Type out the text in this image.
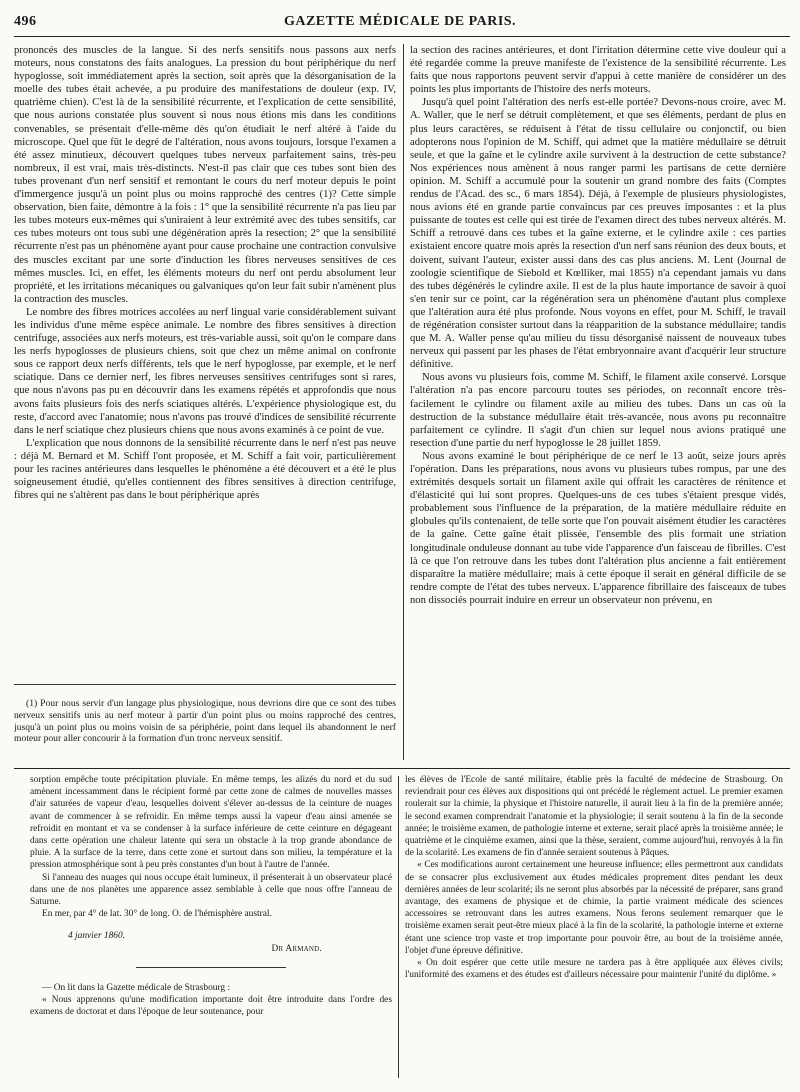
496	GAZETTE MÉDICALE DE PARIS.

prononcés des muscles de la langue. Si des nerfs sensitifs nous passons aux nerfs moteurs, nous constatons des faits analogues. La pression du bout périphérique du nerf hypoglosse, soit immédiatement après la section, soit après que la désorganisation de la moelle des tubes était achevée, a pu produire des manifestations de douleur (exp. IV, quatrième chien). C'est là de la sensibilité récurrente, et l'explication de cette sensibilité, que nous aurions constatée plus souvent si nous nous étions mis dans les conditions convenables, se présentait d'elle-même dès qu'on étudiait le nerf altéré à l'aide du microscope. Quel que fût le degré de l'altération, nous avons toujours, lorsque l'examen a été assez minutieux, découvert quelques tubes nerveux parfaitement sains, très-peu nombreux, il est vrai, mais très-distincts. N'est-il pas clair que ces tubes sont bien des tubes provenant d'un nerf sensitif et remontant le cours du nerf moteur depuis le point d'immergence jusqu'à un point plus ou moins rapproché des centres (1)? Cette simple observation, bien faite, démontre à la fois : 1° que la sensibilité récurrente n'a pas lieu par les tubes moteurs eux-mêmes qui s'uniraient à leur extrémité avec des tubes sensitifs, car ces tubes moteurs ont tous subi une dégénération après la resection; 2° que la sensibilité récurrente n'est pas un phénomène ayant pour cause prochaine une contraction convulsive des muscles excitant par une sorte d'induction les fibres nerveuses sensitives de ces mêmes muscles. Ici, en effet, les éléments moteurs du nerf ont perdu absolument leur propriété, et les irritations mécaniques ou galvaniques qu'on leur fait subir n'amènent plus la contraction des muscles.

Le nombre des fibres motrices accolées au nerf lingual varie considérablement suivant les individus d'une même espèce animale. Le nombre des fibres sensitives à direction centrifuge, associées aux nerfs moteurs, est très-variable aussi, soit qu'on le compare dans les nerfs hypoglosses de plusieurs chiens, soit que chez un même animal on confronte sous ce rapport deux nerfs différents, tels que le nerf hypoglosse, par exemple, et le nerf sciatique. Dans ce dernier nerf, les fibres nerveuses sensitives centrifuges sont si rares, que nous n'avons pas pu en découvrir dans les examens répétés et approfondis que nous avons faits plusieurs fois des nerfs sciatiques altérés. L'expérience physiologique est, du reste, d'accord avec l'anatomie; nous n'avons pas trouvé d'indices de sensibilité récurrente dans le nerf sciatique chez plusieurs chiens que nous avons examinés à ce point de vue.

L'explication que nous donnons de la sensibilité récurrente dans le nerf n'est pas neuve : déjà M. Bernard et M. Schiff l'ont proposée, et M. Schiff a fait voir, particulièrement pour les racines antérieures dans lesquelles le phénomène a été découvert et a été le plus soigneusement étudié, qu'elles contiennent des fibres sensitives à direction centrifuge, fibres qui ne s'altèrent pas dans le bout périphérique après

(1) Pour nous servir d'un langage plus physiologique, nous devrions dire que ce sont des tubes nerveux sensitifs unis au nerf moteur à partir d'un point plus ou moins rapproché des centres, jusqu'à un point plus ou moins voisin de sa périphérie, point dans lequel ils abandonnent le nerf moteur pour aller concourir à la formation d'un tronc nerveux sensitif.

la section des racines antérieures, et dont l'irritation détermine cette vive douleur qui a été regardée comme la preuve manifeste de l'existence de la sensibilité récurrente. Les faits que nous rapportons peuvent servir d'appui à cette manière de considérer un des points les plus importants de l'histoire des nerfs moteurs.

Jusqu'à quel point l'altération des nerfs est-elle portée? Devons-nous croire, avec M. A. Waller, que le nerf se détruit complètement, et que ses éléments, perdant de plus en plus leurs caractères, se réduisent à l'état de tissu cellulaire ou conjonctif, ou bien adopterons nous l'opinion de M. Schiff, qui admet que la matière médullaire se détruit seule, et que la gaîne et le cylindre axile survivent à la destruction de cette substance? Nos expériences nous amènent à nous ranger parmi les partisans de cette dernière opinion. M. Schiff a accumulé pour la soutenir un grand nombre des faits (Comptes rendus de l'Acad. des sc., 6 mars 1854). Déjà, à l'exemple de plusieurs physiologistes, nous avions été en grande partie convaincus par ces preuves imposantes : et la plus puissante de toutes est celle qui est tirée de l'examen direct des tubes nerveux altérés. M. Schiff a retrouvé dans ces tubes et la gaîne externe, et le cylindre axile : ces parties existaient encore quatre mois après la resection d'un nerf sans réunion des deux bouts, et doivent, suivant l'auteur, exister aussi dans des cas plus anciens. M. Lent (Journal de zoologie scientifique de Siebold et Kœlliker, mai 1855) n'a cependant jamais vu dans des tubes dégénérés le cylindre axile. Il est de la plus haute importance de savoir à quoi s'en tenir sur ce point, car la régénération sera un phénomène d'autant plus complexe que l'altération aura été plus profonde. Nous voyons en effet, pour M. Schiff, le travail de régénération consister surtout dans la réapparition de la substance médullaire; tandis que M. A. Waller pense qu'au milieu du tissu désorganisé naissent de nouveaux tubes nerveux qui passent par les phases de l'état embryonnaire avant d'acquérir leur structure définitive.

Nous avons vu plusieurs fois, comme M. Schiff, le filament axile conservé. Lorsque l'altération n'a pas encore parcouru toutes ses périodes, on reconnaît encore très-facilement le cylindre ou filament axile au milieu des tubes. Dans un cas où la destruction de la substance médullaire était très-avancée, nous avons pu reconnaître parfaitement ce cylindre. Il s'agit d'un chien sur lequel nous avions pratiqué une resection d'une partie du nerf hypoglosse le 28 juillet 1859.

Nous avons examiné le bout périphérique de ce nerf le 13 août, seize jours après l'opération. Dans les préparations, nous avons vu plusieurs tubes rompus, par une des extrémités desquels sortait un filament axile qui offrait les caractères de rénitence et d'élasticité qui lui sont propres. Quelques-uns de ces tubes s'étaient presque vidés, probablement sous l'influence de la préparation, de la matière médullaire réduite en globules qu'ils contenaient, de telle sorte que l'on pouvait aisément étudier les caractères de la gaîne. Cette gaîne était plissée, l'ensemble des plis formait une striation longitudinale onduleuse donnant au tube vide l'apparence d'un faisceau de fibrilles. C'est là ce que l'on retrouve dans les tubes dont l'altération plus ancienne a fait entièrement disparaître la matière médullaire; mais à cette époque il serait en général difficile de se rendre compte de l'état des tubes nerveux. L'apparence fibrillaire des faisceaux de tubes non dissociés pourrait induire en erreur un observateur non prévenu, en

sorption empêche toute précipitation pluviale. En même temps, les alizés du nord et du sud amènent incessamment dans le récipient formé par cette zone de calmes de nouvelles masses d'air saturées de vapeur d'eau, lesquelles doivent s'élever au-dessus de la ceinture de nuages avant de commencer à se refroidir. En même temps aussi la vapeur d'eau ainsi amenée se refroidit en montant et va se condenser à la surface inférieure de cette ceinture en dégageant dans cette opération une chaleur latente qui sera un obstacle à la trop grande abondance de pluie. A la surface de la terre, dans cette zone et surtout dans son milieu, la température et la pression atmosphérique sont à peu près constantes d'un bout à l'autre de l'année.

Si l'anneau des nuages qui nous occupe était lumineux, il présenterait à un observateur placé dans une de nos planètes une apparence assez semblable à celle que nous offre l'anneau de Saturne.

En mer, par 4° de lat. 30° de long. O. de l'hémisphère austral.

4 janvier 1860.

Dr Armand.

— On lit dans la Gazette médicale de Strasbourg :

« Nous apprenons qu'une modification importante doit être introduite dans l'ordre des examens de doctorat et dans l'époque de leur soutenance, pour

les élèves de l'Ecole de santé militaire, établie près la faculté de médecine de Strasbourg. On reviendrait pour ces élèves aux dispositions qui ont précédé le règlement actuel. Le premier examen roulerait sur la chimie, la physique et l'histoire naturelle, il aurait lieu à la fin de la première année; le second examen comprendrait l'anatomie et la physiologie; il serait soutenu à la fin de la seconde année; le troisième examen, de pathologie interne et externe, serait placé après la troisième année; le quatrième et le cinquième examen, ainsi que la thèse, seraient, comme aujourd'hui, renvoyés à la fin de la scolarité. Les examens de fin d'année seraient soutenus à Pâques.

« Ces modifications auront certainement une heureuse influence; elles permettront aux candidats de se consacrer plus exclusivement aux études médicales proprement dites pendant les deux dernières années de leur scolarité; ils ne seront plus absorbés par la nécessité de préparer, sans grand avantage, des examens de physique et de chimie, la partie vraiment médicale des sciences accessoires se retrouvant dans les autres examens. Nous ferons seulement remarquer que le troisième examen serait peut-être mieux placé à la fin de la scolarité, la pathologie interne et externe étant une science trop vaste et trop importante pour pouvoir être, au bout de la troisième année, l'objet d'une épreuve définitive.

« On doit espérer que cette utile mesure ne tardera pas à être appliquée aux élèves civils; l'uniformité des examens et des études est d'ailleurs nécessaire pour maintenir l'unité du diplôme. »
